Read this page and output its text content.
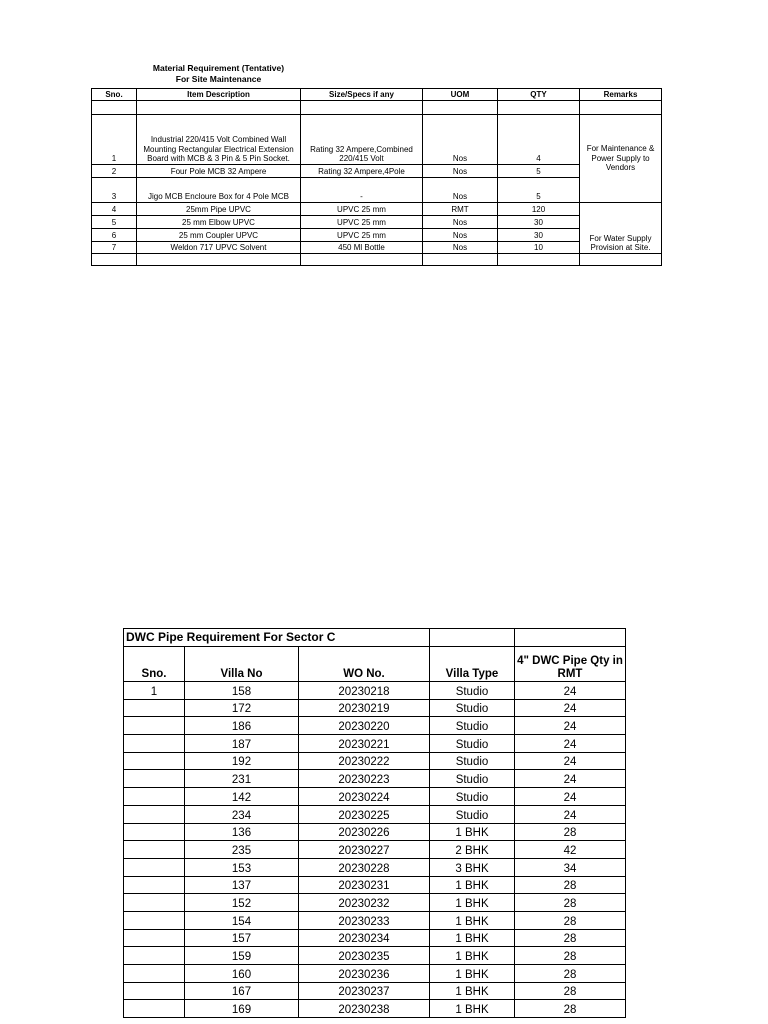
Material Requirement (Tentative)
For Site Maintenance
Sno.	Item Description	Size/Specs if any	UOM	QTY	Remarks

1	Industrial 220/415 Volt Combined Wall Mounting Rectangular Electrical Extension Board with MCB & 3 Pin & 5 Pin Socket.	Rating 32 Ampere,Combined 220/415 Volt	Nos	4	For Maintenance & Power Supply to Vendors
2	Four Pole MCB 32 Ampere	Rating 32 Ampere,4Pole	Nos	5	
3	Jigo MCB Encloure Box for 4 Pole MCB	-	Nos	5	
4	25mm Pipe UPVC	UPVC 25 mm	RMT	120	For Water Supply Provision at Site.
5	25 mm Elbow UPVC	UPVC 25 mm	Nos	30	
6	25 mm Coupler UPVC	UPVC 25 mm	Nos	30	
7	Weldon 717 UPVC Solvent	450 Ml Bottle	Nos	10	

DWC Pipe Requirement For Sector C				
Sno.	Villa No	WO No.	Villa Type	4" DWC Pipe Qty in RMT
1	158	20230218	Studio	24
	172	20230219	Studio	24
	186	20230220	Studio	24
	187	20230221	Studio	24
	192	20230222	Studio	24
	231	20230223	Studio	24
	142	20230224	Studio	24
	234	20230225	Studio	24
	136	20230226	1 BHK	28
	235	20230227	2 BHK	42
	153	20230228	3 BHK	34
	137	20230231	1 BHK	28
	152	20230232	1 BHK	28
	154	20230233	1 BHK	28
	157	20230234	1 BHK	28
	159	20230235	1 BHK	28
	160	20230236	1 BHK	28
	167	20230237	1 BHK	28
	169	20230238	1 BHK	28
